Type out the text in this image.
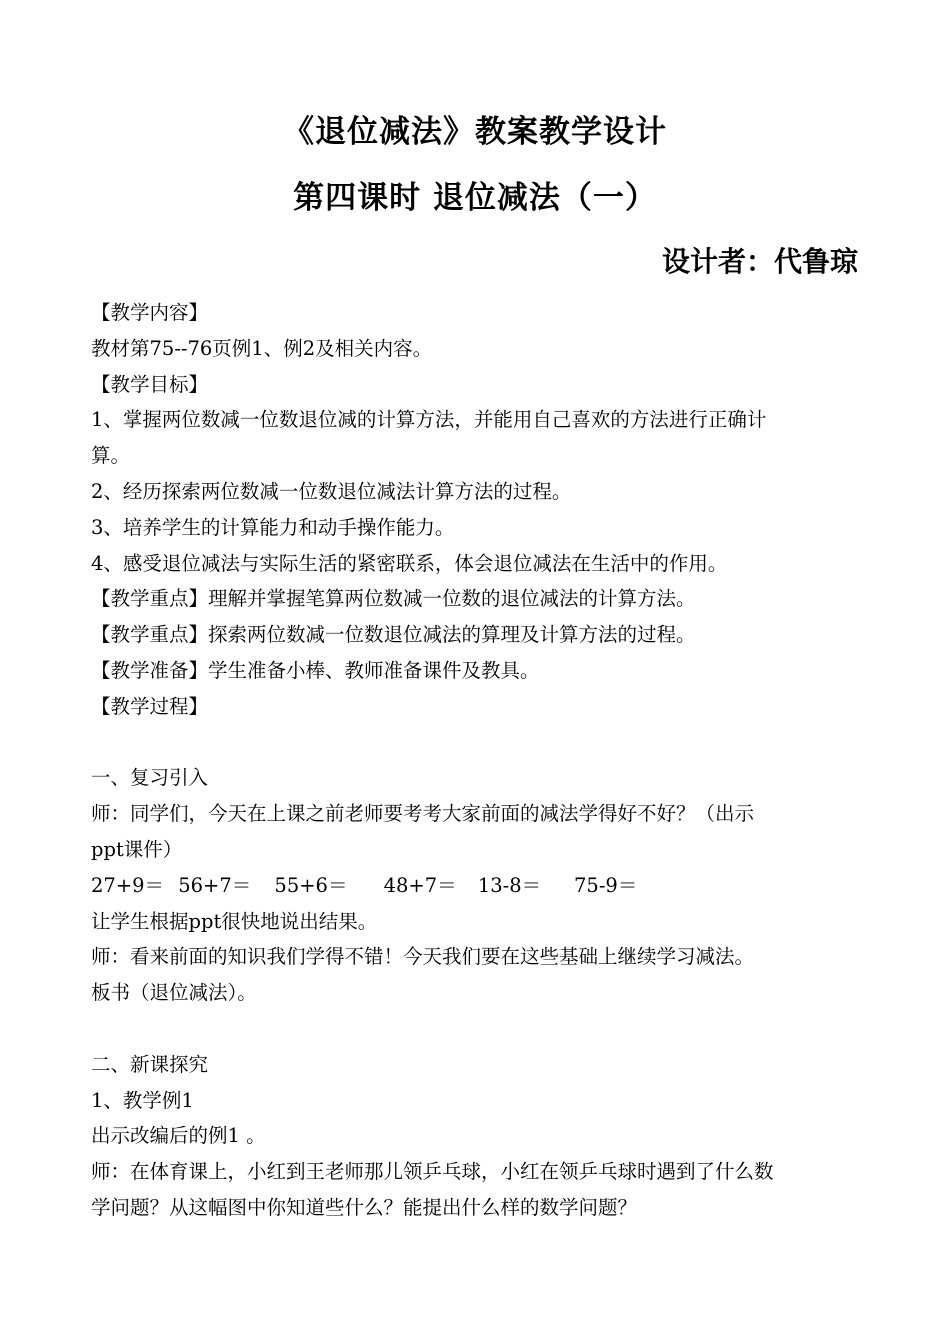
《退位减法》教案教学设计
第四课时 退位减法（一）
设计者：代鲁琼
【教学内容】
教材第75--76页例1、例2及相关内容。
【教学目标】
1、掌握两位数减一位数退位减的计算方法，并能用自己喜欢的方法进行正确计
算。
2、经历探索两位数减一位数退位减法计算方法的过程。
3、培养学生的计算能力和动手操作能力。
4、感受退位减法与实际生活的紧密联系，体会退位减法在生活中的作用。
【教学重点】理解并掌握笔算两位数减一位数的退位减法的计算方法。
【教学重点】探索两位数减一位数退位减法的算理及计算方法的过程。
【教学准备】学生准备小棒、教师准备课件及教具。
【教学过程】
一、复习引入
师：同学们，今天在上课之前老师要考考大家前面的减法学得好不好？（出示
ppt课件）
27+9＝ 56+7＝ 55+6＝ 48+7＝ 13-8＝ 75-9＝
让学生根据ppt很快地说出结果。
师：看来前面的知识我们学得不错！今天我们要在这些基础上继续学习减法。
板书（退位减法）。
二、新课探究
1、教学例1
出示改编后的例1 。
师：在体育课上，小红到王老师那儿领乒乓球，小红在领乒乓球时遇到了什么数
学问题？从这幅图中你知道些什么？能提出什么样的数学问题？
